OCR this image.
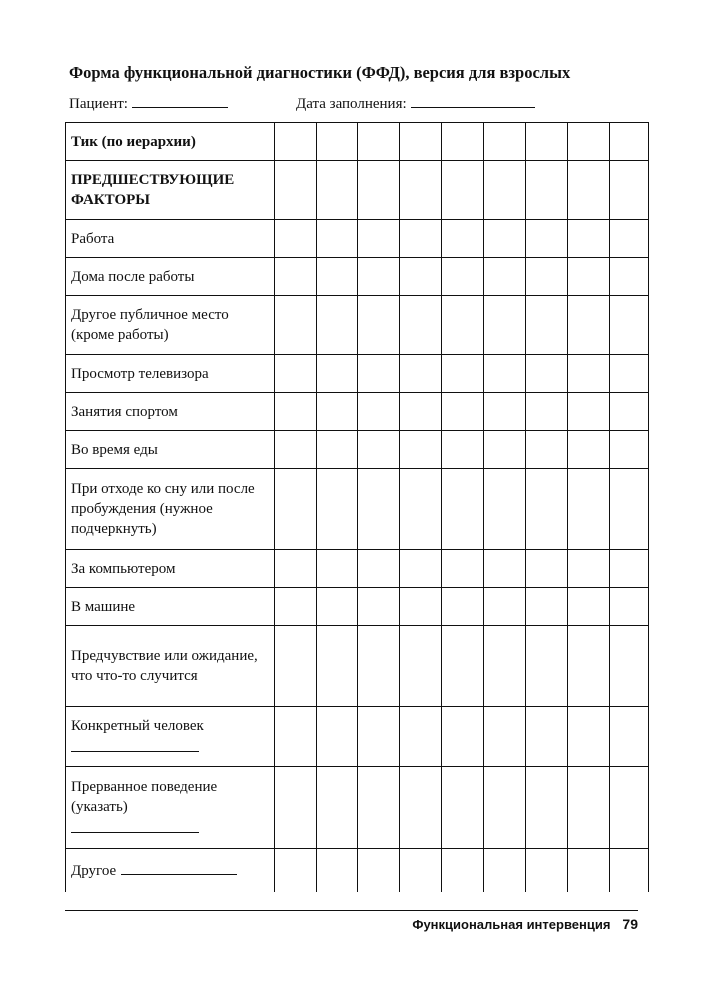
Форма функциональной диагностики (ФФД), версия для взрослых
Пациент:	Дата заполнения:
Тик (по иерархии)									
ПРЕДШЕСТВУЮЩИЕ ФАКТОРЫ									
Работа									
Дома после работы									
Другое публичное место (кроме работы)									
Просмотр телевизора									
Занятия спортом									
Во время еды									
При отходе ко сну или после пробуждения (нужное подчеркнуть)									
За компьютером									
В машине									
Предчувствие или ожидание, что что-то случится									
Конкретный человек

Прерванное поведение (указать)

Другое									
Функциональная интервенция 79
